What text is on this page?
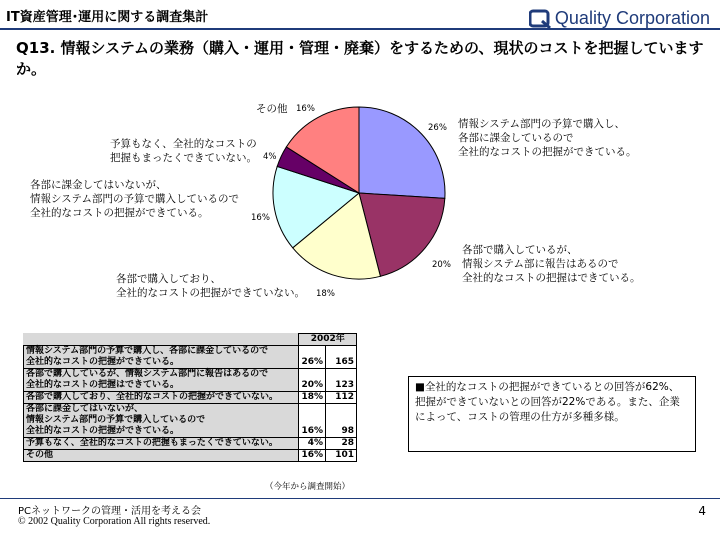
IT資産管理･運用に関する調査集計	Quality Corporation
Q13. 情報システムの業務（購入・運用・管理・廃棄）をするための、現状のコストを把握していますか。
情報システム部門の予算で購入し、
各部に課金しているので
全社的なコストの把握ができている。
26%
各部で購入しているが、
情報システム部に報告はあるので
全社的なコストの把握はできている。
20%
各部で購入しており、
全社的なコストの把握ができていない。 18%
各部に課金してはいないが、
情報システム部門の予算で購入しているので
全社的なコストの把握ができている。	16%
予算もなく、全社的なコストの
把握もまったくできていない。 4%
その他 16%
	2002年	

情報システム部門の予算で購入し、各部に課金しているので
全社的なコストの把握ができている。	26%	165

各部で購入しているが、情報システム部門に報告はあるので
全社的なコストの把握はできている。	20%	123

各部で購入しており、全社的なコストの把握ができていない。	18%	112

各部に課金してはいないが、
情報システム部門の予算で購入しているので
全社的なコストの把握ができている。	16%	98

予算もなく、全社的なコストの把握もまったくできていない。	4%	28

その他	16%	101
（今年から調査開始）
■全社的なコストの把握ができているとの回答が62%、把握ができていないとの回答が22%である。また、企業によって、コストの管理の仕方が多種多様。
PCネットワークの管理・活用を考える会
© 2002 Quality Corporation All rights reserved.
4
